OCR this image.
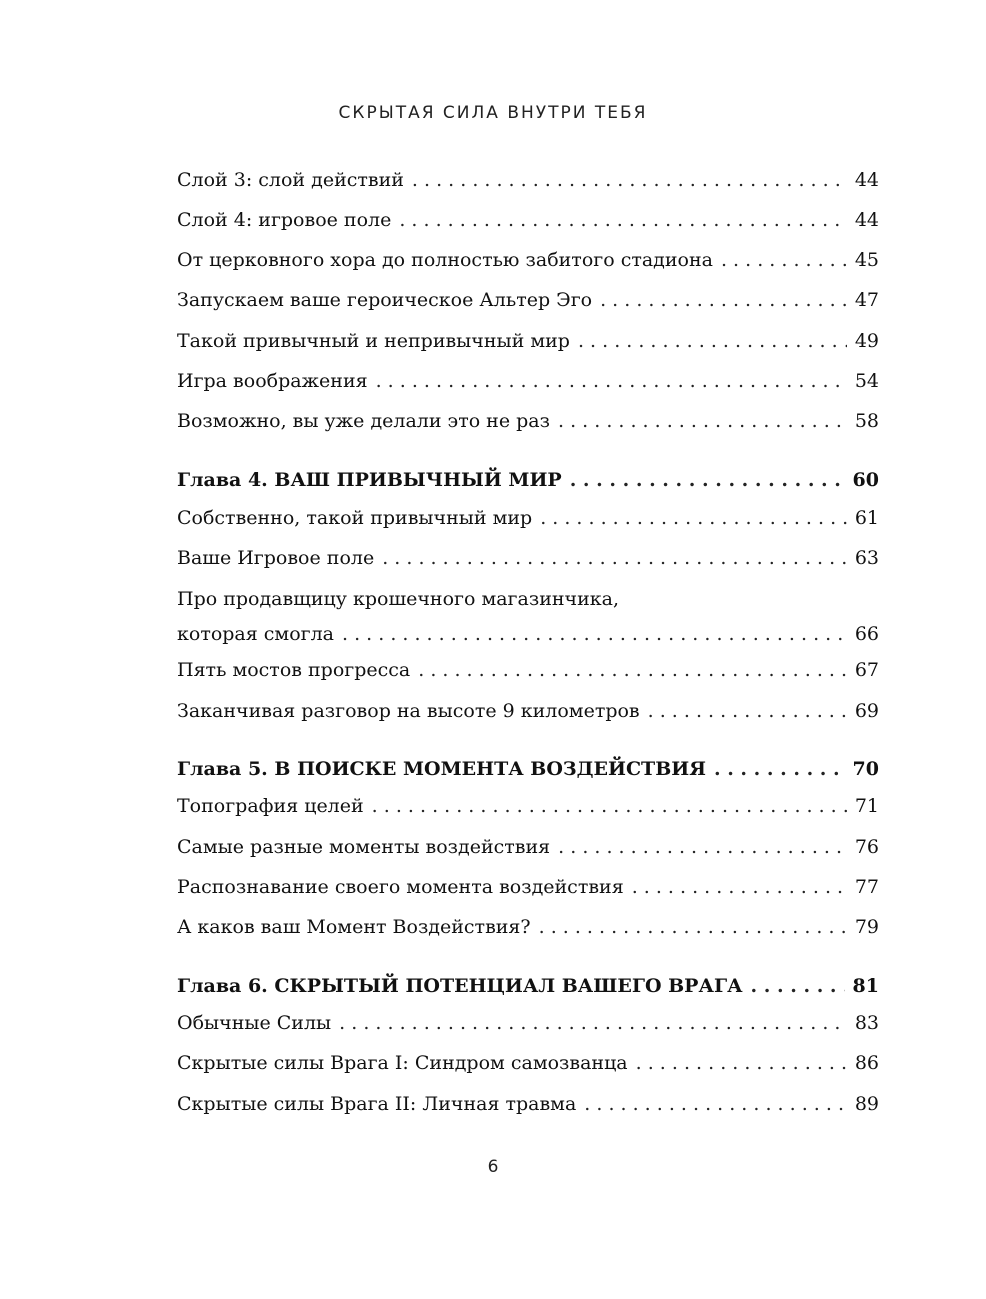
СКРЫТАЯ СИЛА ВНУТРИ ТЕБЯ
Слой 3: слой действий . . .	44
Слой 4: игровое поле . . .	44
От церковного хора до полностью забитого стадиона . . .	45
Запускаем ваше героическое Альтер Эго . . .	47
Такой привычный и непривычный мир . . .	49
Игра воображения . . .	54
Возможно, вы уже делали это не раз . . .	58
Глава 4. ВАШ ПРИВЫЧНЫЙ МИР . . .	60
Собственно, такой привычный мир . . .	61
Ваше Игровое поле . . .	63
Про продавщицу крошечного магазинчика,
которая смогла . . .	66
Пять мостов прогресса . . .	67
Заканчивая разговор на высоте 9 километров . . .	69
Глава 5. В ПОИСКЕ МОМЕНТА ВОЗДЕЙСТВИЯ . . .	70
Топография целей . . .	71
Самые разные моменты воздействия . . .	76
Распознавание своего момента воздействия . . .	77
А каков ваш Момент Воздействия? . . .	79
Глава 6. СКРЫТЫЙ ПОТЕНЦИАЛ ВАШЕГО ВРАГА . . .	81
Обычные Силы . . .	83
Скрытые силы Врага I: Синдром самозванца . . .	86
Скрытые силы Врага II: Личная травма . . .	89
6
